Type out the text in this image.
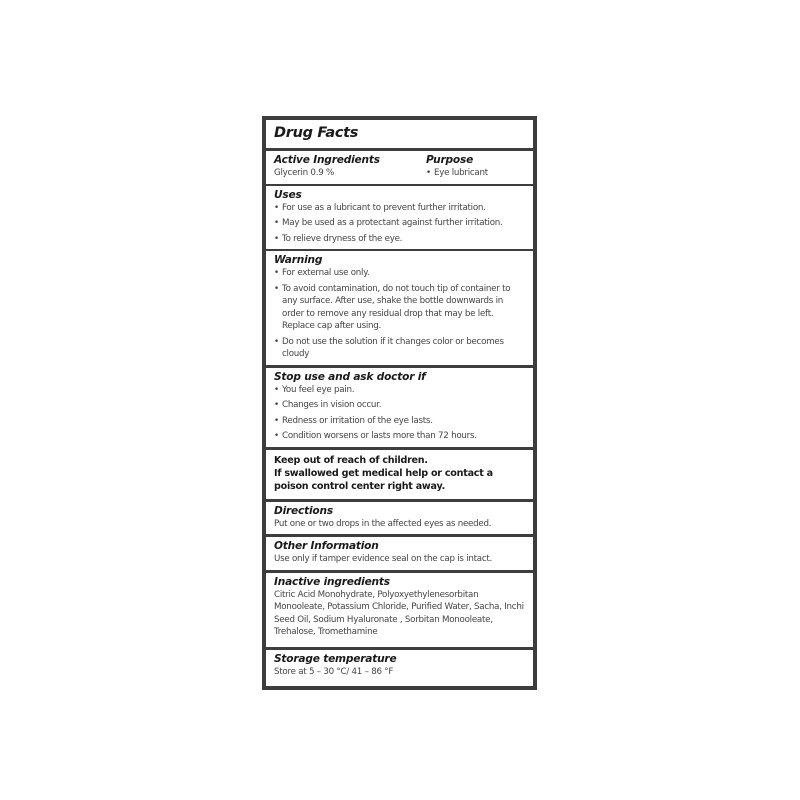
Drug Facts
Active Ingredients
Glycerin 0.9 %
Purpose
• Eye lubricant
Uses
• For use as a lubricant to prevent further irritation.
• May be used as a protectant against further irritation.
• To relieve dryness of the eye.
Warning
• For external use only.
• To avoid contamination, do not touch tip of container to any surface. After use, shake the bottle downwards in order to remove any residual drop that may be left. Replace cap after using.
• Do not use the solution if it changes color or becomes cloudy
Stop use and ask doctor if
• You feel eye pain.
• Changes in vision occur.
• Redness or irritation of the eye lasts.
• Condition worsens or lasts more than 72 hours.
Keep out of reach of children.
If swallowed get medical help or contact a poison control center right away.
Directions
Put one or two drops in the affected eyes as needed.
Other Information
Use only if tamper evidence seal on the cap is intact.
Inactive ingredients
Citric Acid Monohydrate, Polyoxyethylenesorbitan Monooleate, Potassium Chloride, Purified Water, Sacha, Inchi Seed Oil, Sodium Hyaluronate , Sorbitan Monooleate, Trehalose, Tromethamine
Storage temperature
Store at 5 – 30 °C/ 41 – 86 °F
